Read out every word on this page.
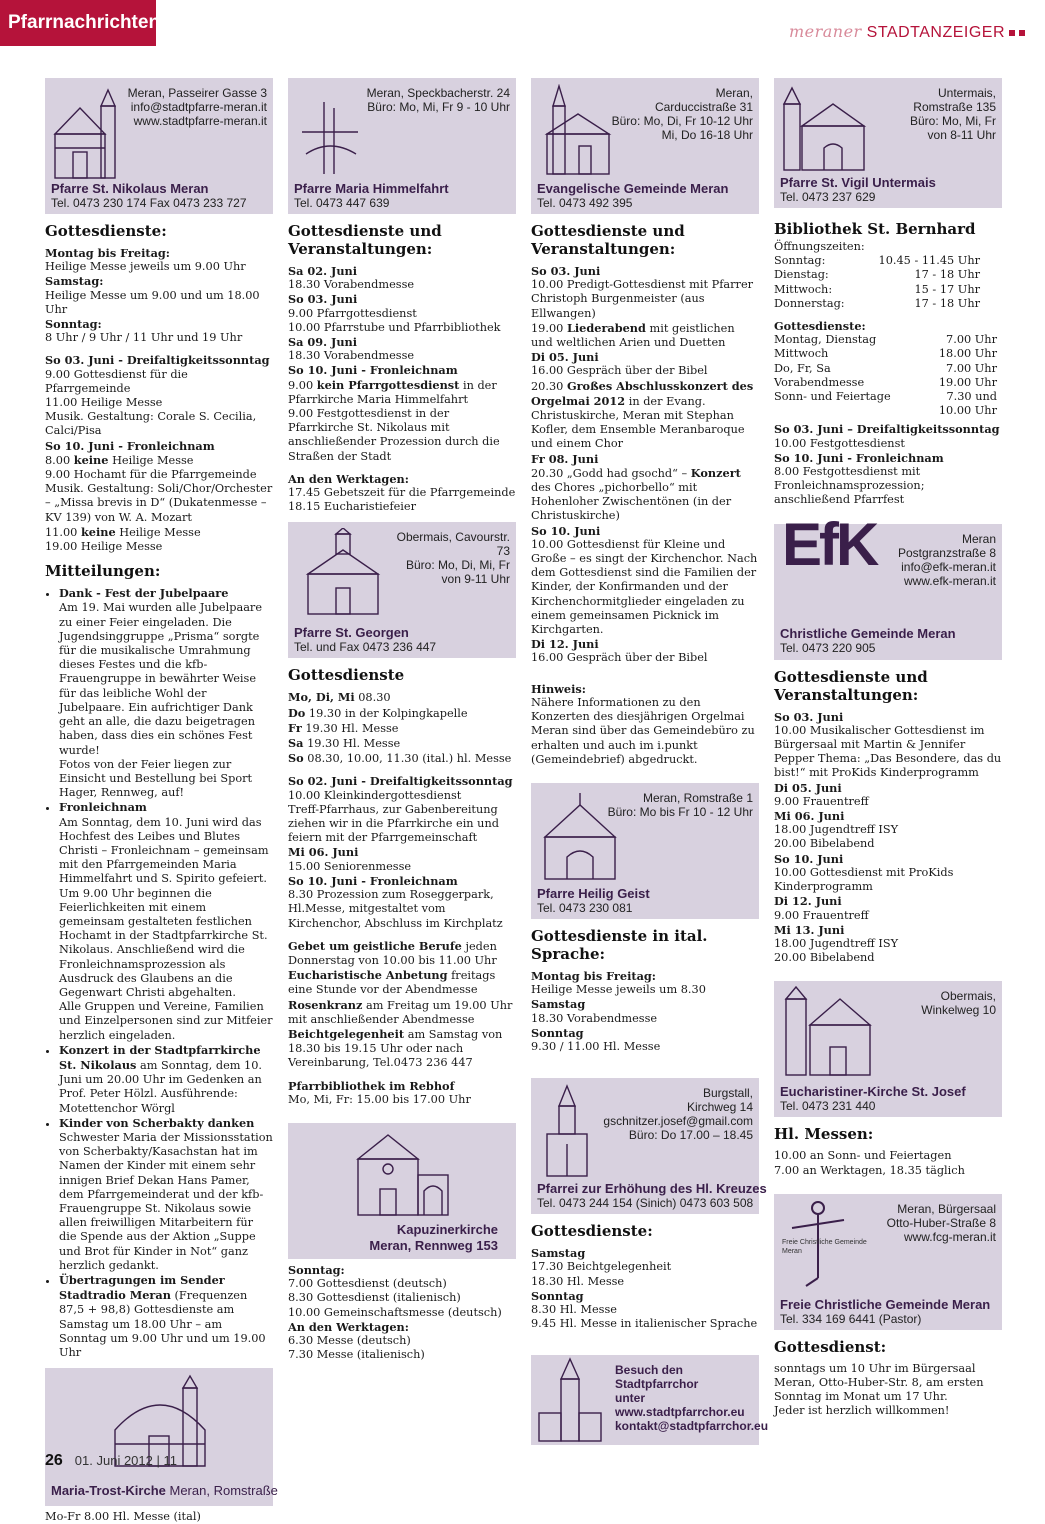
Pfarrnachrichten	meraner STADTANZEIGER
Meran, Passeirer Gasse 3
info@stadtpfarre-meran.it
www.stadtpfarre-meran.it
Pfarre St. Nikolaus Meran
Tel. 0473 230 174 Fax 0473 233 727
Gottesdienste:

Montag bis Freitag:

Heilige Messe jeweils um 9.00 Uhr

Samstag:

Heilige Messe um 9.00 und um 18.00 Uhr

Sonntag:

8 Uhr / 9 Uhr / 11 Uhr und 19 Uhr

So 03. Juni - Dreifaltigkeitssonntag

9.00 Gottesdienst für die Pfarrgemeinde

11.00 Heilige Messe

Musik. Gestaltung: Corale S. Cecilia, Calci/Pisa

So 10. Juni - Fronleichnam

8.00 keine Heilige Messe

9.00 Hochamt für die Pfarrgemeinde

Musik. Gestaltung: Soli/Chor/Orchester – „Missa brevis in D“ (Dukatenmesse – KV 139) von W. A. Mozart

11.00 keine Heilige Messe

19.00 Heilige Messe

Mitteilungen:
• Dank - Fest der Jubelpaare
Am 19. Mai wurden alle Jubelpaare zu einer Feier eingeladen. Die Jugendsinggruppe „Prisma“ sorgte für die musikalische Umrahmung dieses Festes und die kfb-Frauengruppe in bewährter Weise für das leibliche Wohl der Jubelpaare. Ein aufrichtiger Dank geht an alle, die dazu beigetragen haben, dass dies ein schönes Fest wurde!
Fotos von der Feier liegen zur Einsicht und Bestellung bei Sport Hager, Rennweg, auf!
• Fronleichnam
Am Sonntag, dem 10. Juni wird das Hochfest des Leibes und Blutes Christi – Fronleichnam – gemeinsam mit den Pfarrgemeinden Maria Himmelfahrt und S. Spirito gefeiert. Um 9.00 Uhr beginnen die Feierlichkeiten mit einem gemeinsam gestalteten festlichen Hochamt in der Stadtpfarrkirche St. Nikolaus. Anschließend wird die Fronleichnamsprozession als Ausdruck des Glaubens an die Gegenwart Christi abgehalten.
Alle Gruppen und Vereine, Familien und Einzelpersonen sind zur Mitfeier herzlich eingeladen.
• Konzert in der Stadtpfarrkirche St. Nikolaus am Sonntag, dem 10. Juni um 20.00 Uhr im Gedenken an Prof. Peter Hölzl. Ausführende: Motettenchor Wörgl
• Kinder von Scherbakty danken
Schwester Maria der Missionsstation von Scherbakty/Kasachstan hat im Namen der Kinder mit einem sehr innigen Brief Dekan Hans Pamer, dem Pfarrgemeinderat und der kfb-Frauengruppe St. Nikolaus sowie allen freiwilligen Mitarbeitern für die Spende aus der Aktion „Suppe und Brot für Kinder in Not“ ganz herzlich gedankt.
• Übertragungen im Sender Stadtradio Meran (Frequenzen 87,5 + 98,8) Gottesdienste am Samstag um 18.00 Uhr – am Sonntag um 9.00 Uhr und um 19.00 Uhr
Maria-Trost-Kirche Meran, Romstraße

Mo-Fr 8.00 Hl. Messe (ital)

Meran, Speckbacherstr. 24
Büro: Mo, Mi, Fr 9 - 10 Uhr
Pfarre Maria Himmelfahrt
Tel. 0473 447 639
Gottesdienste und Veranstaltungen:

Sa 02. Juni

18.30 Vorabendmesse

So 03. Juni

9.00 Pfarrgottesdienst

10.00 Pfarrstube und Pfarrbibliothek

Sa 09. Juni

18.30 Vorabendmesse

So 10. Juni - Fronleichnam

9.00 kein Pfarrgottesdienst in der Pfarrkirche Maria Himmelfahrt

9.00 Festgottesdienst in der Pfarrkirche St. Nikolaus mit anschließender Prozession durch die Straßen der Stadt

An den Werktagen:

17.45 Gebetszeit für die Pfarrgemeinde

18.15 Eucharistiefeier

Obermais, Cavourstr.
73
Büro: Mo, Di, Mi, Fr
von 9-11 Uhr
Pfarre St. Georgen
Tel. und Fax 0473 236 447
Gottesdienste

Mo, Di, Mi 08.30

Do 19.30 in der Kolpingkapelle

Fr 19.30 Hl. Messe

Sa 19.30 Hl. Messe

So 08.30, 10.00, 11.30 (ital.) hl. Messe

So 02. Juni - Dreifaltigkeitssonntag

10.00 Kleinkindergottesdienst

Treff-Pfarrhaus, zur Gabenbereitung ziehen wir in die Pfarrkirche ein und feiern mit der Pfarrgemeinschaft

Mi 06. Juni

15.00 Seniorenmesse

So 10. Juni - Fronleichnam

8.30 Prozession zum Roseggerpark, Hl.Messe, mitgestaltet vom Kirchenchor, Abschluss im Kirchplatz

Gebet um geistliche Berufe jeden Donnerstag von 10.00 bis 11.00 Uhr

Eucharistische Anbetung freitags eine Stunde vor der Abendmesse

Rosenkranz am Freitag um 19.00 Uhr mit anschließender Abendmesse

Beichtgelegenheit am Samstag von 18.30 bis 19.15 Uhr oder nach Vereinbarung, Tel.0473 236 447

Pfarrbibliothek im Rebhof

Mo, Mi, Fr: 15.00 bis 17.00 Uhr

Kapuzinerkirche
Meran, Rennweg 153

Sonntag:

7.00 Gottesdienst (deutsch)

8.30 Gottesdienst (italienisch)

10.00 Gemeinschaftsmesse (deutsch)

An den Werktagen:

6.30 Messe (deutsch)

7.30 Messe (italienisch)

Meran,
Carduccistraße 31
Büro: Mo, Di, Fr 10-12 Uhr
Mi, Do 16-18 Uhr
Evangelische Gemeinde Meran
Tel. 0473 492 395
Gottesdienste und Veranstaltungen:

So 03. Juni

10.00 Predigt-Gottesdienst mit Pfarrer Christoph Burgenmeister (aus Ellwangen)

19.00 Liederabend mit geistlichen und weltlichen Arien und Duetten

Di 05. Juni

16.00 Gespräch über der Bibel

20.30 Großes Abschlusskonzert des Orgelmai 2012 in der Evang. Christuskirche, Meran mit Stephan Kofler, dem Ensemble Meranbaroque und einem Chor

Fr 08. Juni

20.30 „Godd had gsochd“ – Konzert des Chores „pichorbello“ mit Hohenloher Zwischentönen (in der Christuskirche)

So 10. Juni

10.00 Gottesdienst für Kleine und Große – es singt der Kirchenchor. Nach dem Gottesdienst sind die Familien der Kinder, der Konfirmanden und der Kirchenchormitglieder eingeladen zu einem gemeinsamen Picknick im Kirchgarten.

Di 12. Juni

16.00 Gespräch über der Bibel

Hinweis:

Nähere Informationen zu den Konzerten des diesjährigen Orgelmai Meran sind über das Gemeindebüro zu erhalten und auch im i.punkt (Gemeindebrief) abgedruckt.

Meran, Romstraße 1
Büro: Mo bis Fr 10 - 12 Uhr
Pfarre Heilig Geist
Tel. 0473 230 081
Gottesdienste in ital. Sprache:

Montag bis Freitag:

Heilige Messe jeweils um 8.30

Samstag

18.30 Vorabendmesse

Sonntag

9.30 / 11.00 Hl. Messe

Burgstall,
Kirchweg 14
gschnitzer.josef@gmail.com
Büro: Do 17.00 – 18.45
Pfarrei zur Erhöhung des Hl. Kreuzes
Tel. 0473 244 154 (Sinich) 0473 603 508
Gottesdienste:

Samstag

17.30 Beichtgelegenheit

18.30 Hl. Messe

Sonntag

8.30 Hl. Messe

9.45 Hl. Messe in italienischer Sprache

Besuch den Stadtpfarrchor
unter
www.stadtpfarrchor.eu
kontakt@stadtpfarrchor.eu
Untermais,
Romstraße 135
Büro: Mo, Mi, Fr
von 8-11 Uhr
Pfarre St. Vigil Untermais
Tel. 0473 237 629
Bibliothek St. Bernhard

Öffnungszeiten:

Sonntag:	10.45 - 11.45 Uhr
Dienstag:	17 - 18 Uhr
Mittwoch:	15 - 17 Uhr
Donnerstag:	17 - 18 Uhr

Gottesdienste:

Montag, Dienstag	7.00 Uhr
Mittwoch	18.00 Uhr
Do, Fr, Sa	7.00 Uhr
Vorabendmesse	19.00 Uhr
Sonn- und Feiertage	7.30 und
10.00 Uhr

So 03. Juni – Dreifaltigkeitssonntag

10.00 Festgottesdienst

So 10. Juni - Fronleichnam

8.00 Festgottesdienst mit Fronleichnamsprozession; anschließend Pfarrfest

EfK	Meran
Postgranzstraße 8
info@efk-meran.it
www.efk-meran.it
Christliche Gemeinde Meran
Tel. 0473 220 905
Gottesdienste und Veranstaltungen:

So 03. Juni

10.00 Musikalischer Gottesdienst im Bürgersaal mit Martin & Jennifer Pepper Thema: „Das Besondere, das du bist!“ mit ProKids Kinderprogramm

Di 05. Juni

9.00 Frauentreff

Mi 06. Juni

18.00 Jugendtreff ISY

20.00 Bibelabend

So 10. Juni

10.00 Gottesdienst mit ProKids Kinderprogramm

Di 12. Juni

9.00 Frauentreff

Mi 13. Juni

18.00 Jugendtreff ISY

20.00 Bibelabend

Obermais,
Winkelweg 10
Eucharistiner-Kirche St. Josef
Tel. 0473 231 440
Hl. Messen:

10.00 an Sonn- und Feiertagen

7.00 an Werktagen, 18.35 täglich

Freie Christliche Gemeinde Meran
Meran, Bürgersaal
Otto-Huber-Straße 8
www.fcg-meran.it
Freie Christliche Gemeinde Meran
Tel. 334 169 6441 (Pastor)
Gottesdienst:

sonntags um 10 Uhr im Bürgersaal Meran, Otto-Huber-Str. 8, am ersten Sonntag im Monat um 17 Uhr.

Jeder ist herzlich willkommen!

26 01. Juni 2012 | 11
